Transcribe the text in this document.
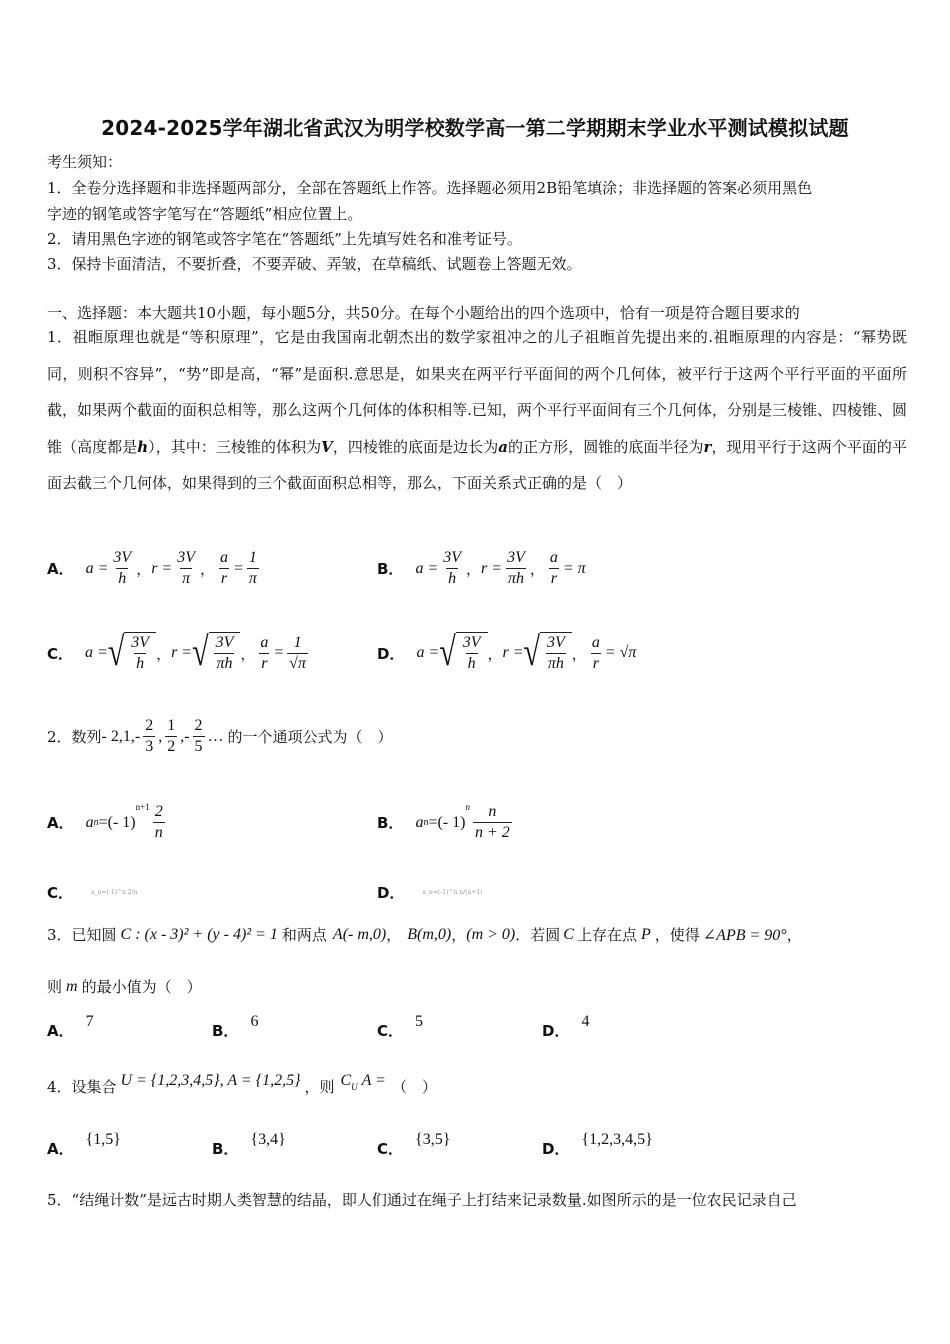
2024-2025学年湖北省武汉为明学校数学高一第二学期期末学业水平测试模拟试题
考生须知：
1．全卷分选择题和非选择题两部分，全部在答题纸上作答。选择题必须用2B铅笔填涂；非选择题的答案必须用黑色
字迹的钢笔或答字笔写在“答题纸”相应位置上。
2．请用黑色字迹的钢笔或答字笔在“答题纸”上先填写姓名和准考证号。
3．保持卡面清洁，不要折叠，不要弄破、弄皱，在草稿纸、试题卷上答题无效。
一、选择题：本大题共10小题，每小题5分，共50分。在每个小题给出的四个选项中，恰有一项是符合题目要求的
1．祖暅原理也就是“等积原理”，它是由我国南北朝杰出的数学家祖冲之的儿子祖暅首先提出来的.祖暅原理的内容是：“幂势既同，则积不容异”，“势”即是高，“幂”是面积.意思是，如果夹在两平行平面间的两个几何体，被平行于这两个平行平面的平面所截，如果两个截面的面积总相等，那么这两个几何体的体积相等.已知，两个平行平面间有三个几何体，分别是三棱锥、四棱锥、圆锥（高度都是h），其中：三棱锥的体积为V，四棱锥的底面是边长为a的正方形，圆锥的底面半径为r，现用平行于这两个平面的平面去截三个几何体，如果得到的三个截面面积总相等，那么，下面关系式正确的是（　）
A． $a = \frac{3V}{h}$ ， $r = \frac{3V}{\pi}$ ， $\frac{a}{r} = \frac{1}{\pi}$	B． $a = \frac{3V}{h}$ ， $r = \frac{3V}{\pi h}$ ， $\frac{a}{r} = \pi$
C． a = √ $\frac{3V}{h}$ ， r = √ $\frac{3V}{\pi h}$ ， $\frac{a}{r} = \frac{1}{√\pi}$	D． a = √ $\frac{3V}{h}$ ， r = √ $\frac{3V}{\pi h}$ ， $\frac{a}{r} = √\pi$
2．数列 - $2,1,- \frac{2}{3}$ , $\frac{1}{2}$ ,- $\frac{2}{5}$ … 的一个通项公式为（　）
A． a n =(- 1)
$n+1 \frac{2}{n}$	B． a n =(- 1)
n $\frac{n}{n + 2}$
C．	a_n=(-1)^n 2/n	D．	a_n=(-1)^n n/(n+1)
3．已知圆 C : (x - 3)² + (y - 4)² = 1 和两点 A(- m,0) ， B(m,0) ， (m > 0) ．若圆 C 上存在点 P ，使得 ∠APB = 90° ，
则 m 的最小值为（　）
A．
7
B．
6
C．
5
D．
4
4．设集合 U = {1,2,3,4,5}, A = {1,2,5} ，则 $C_U$ A = （　）
A．
{1,5}
B．
{3,4}
C．
{3,5}
D．
{1,2,3,4,5}
5．“结绳计数”是远古时期人类智慧的结晶，即人们通过在绳子上打结来记录数量.如图所示的是一位农民记录自己
